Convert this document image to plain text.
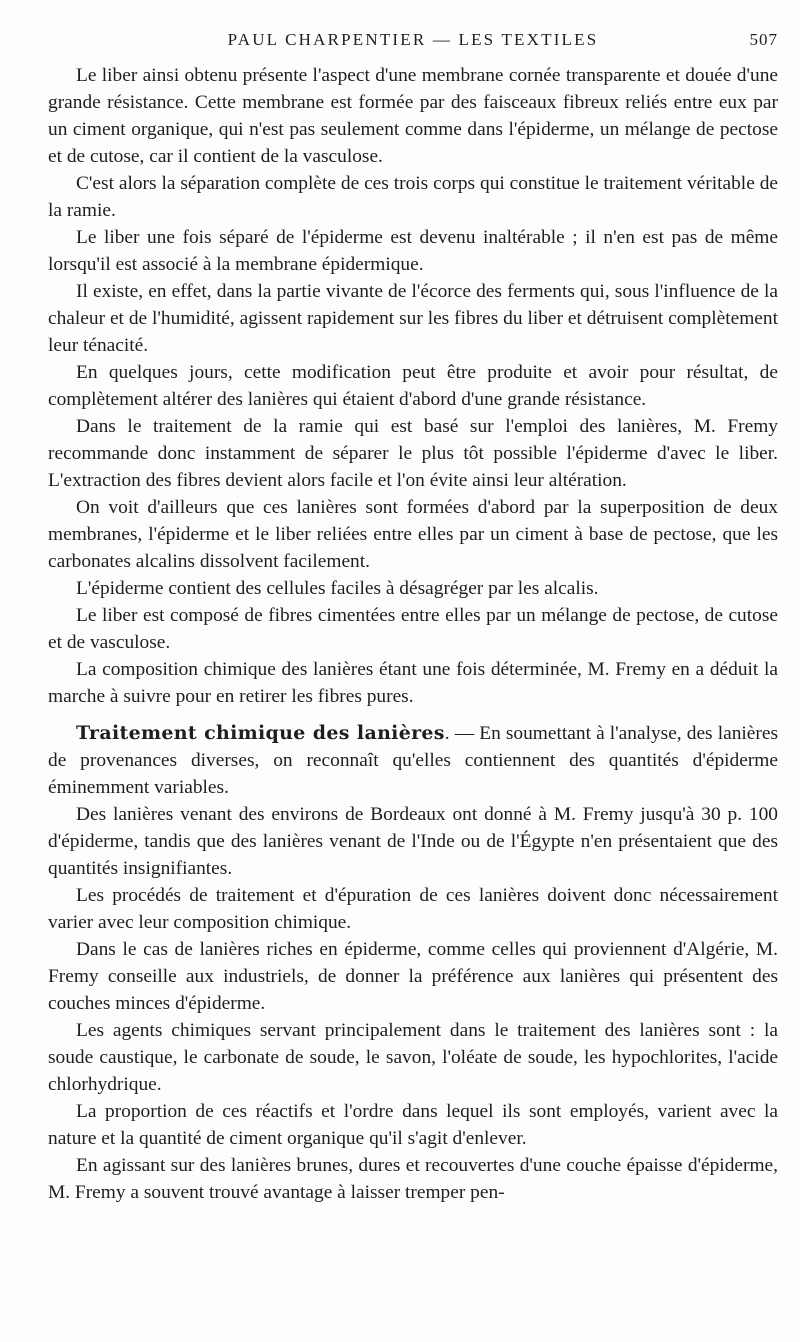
PAUL CHARPENTIER — LES TEXTILES	507

Le liber ainsi obtenu présente l'aspect d'une membrane cornée transparente et douée d'une grande résistance. Cette membrane est formée par des faisceaux fibreux reliés entre eux par un ciment organique, qui n'est pas seulement comme dans l'épiderme, un mélange de pectose et de cutose, car il contient de la vasculose.

C'est alors la séparation complète de ces trois corps qui constitue le traitement véritable de la ramie.

Le liber une fois séparé de l'épiderme est devenu inaltérable ; il n'en est pas de même lorsqu'il est associé à la membrane épidermique.

Il existe, en effet, dans la partie vivante de l'écorce des ferments qui, sous l'influence de la chaleur et de l'humidité, agissent rapidement sur les fibres du liber et détruisent complètement leur ténacité.

En quelques jours, cette modification peut être produite et avoir pour résultat, de complètement altérer des lanières qui étaient d'abord d'une grande résistance.

Dans le traitement de la ramie qui est basé sur l'emploi des lanières, M. Fremy recommande donc instamment de séparer le plus tôt possible l'épiderme d'avec le liber. L'extraction des fibres devient alors facile et l'on évite ainsi leur altération.

On voit d'ailleurs que ces lanières sont formées d'abord par la superposition de deux membranes, l'épiderme et le liber reliées entre elles par un ciment à base de pectose, que les carbonates alcalins dissolvent facilement.

L'épiderme contient des cellules faciles à désagréger par les alcalis.

Le liber est composé de fibres cimentées entre elles par un mélange de pectose, de cutose et de vasculose.

La composition chimique des lanières étant une fois déterminée, M. Fremy en a déduit la marche à suivre pour en retirer les fibres pures.

Traitement chimique des lanières. — En soumettant à l'analyse, des lanières de provenances diverses, on reconnaît qu'elles contiennent des quantités d'épiderme éminemment variables.

Des lanières venant des environs de Bordeaux ont donné à M. Fremy jusqu'à 30 p. 100 d'épiderme, tandis que des lanières venant de l'Inde ou de l'Égypte n'en présentaient que des quantités insignifiantes.

Les procédés de traitement et d'épuration de ces lanières doivent donc nécessairement varier avec leur composition chimique.

Dans le cas de lanières riches en épiderme, comme celles qui proviennent d'Algérie, M. Fremy conseille aux industriels, de donner la préférence aux lanières qui présentent des couches minces d'épiderme.

Les agents chimiques servant principalement dans le traitement des lanières sont : la soude caustique, le carbonate de soude, le savon, l'oléate de soude, les hypochlorites, l'acide chlorhydrique.

La proportion de ces réactifs et l'ordre dans lequel ils sont employés, varient avec la nature et la quantité de ciment organique qu'il s'agit d'enlever.

En agissant sur des lanières brunes, dures et recouvertes d'une couche épaisse d'épiderme, M. Fremy a souvent trouvé avantage à laisser tremper pen-
